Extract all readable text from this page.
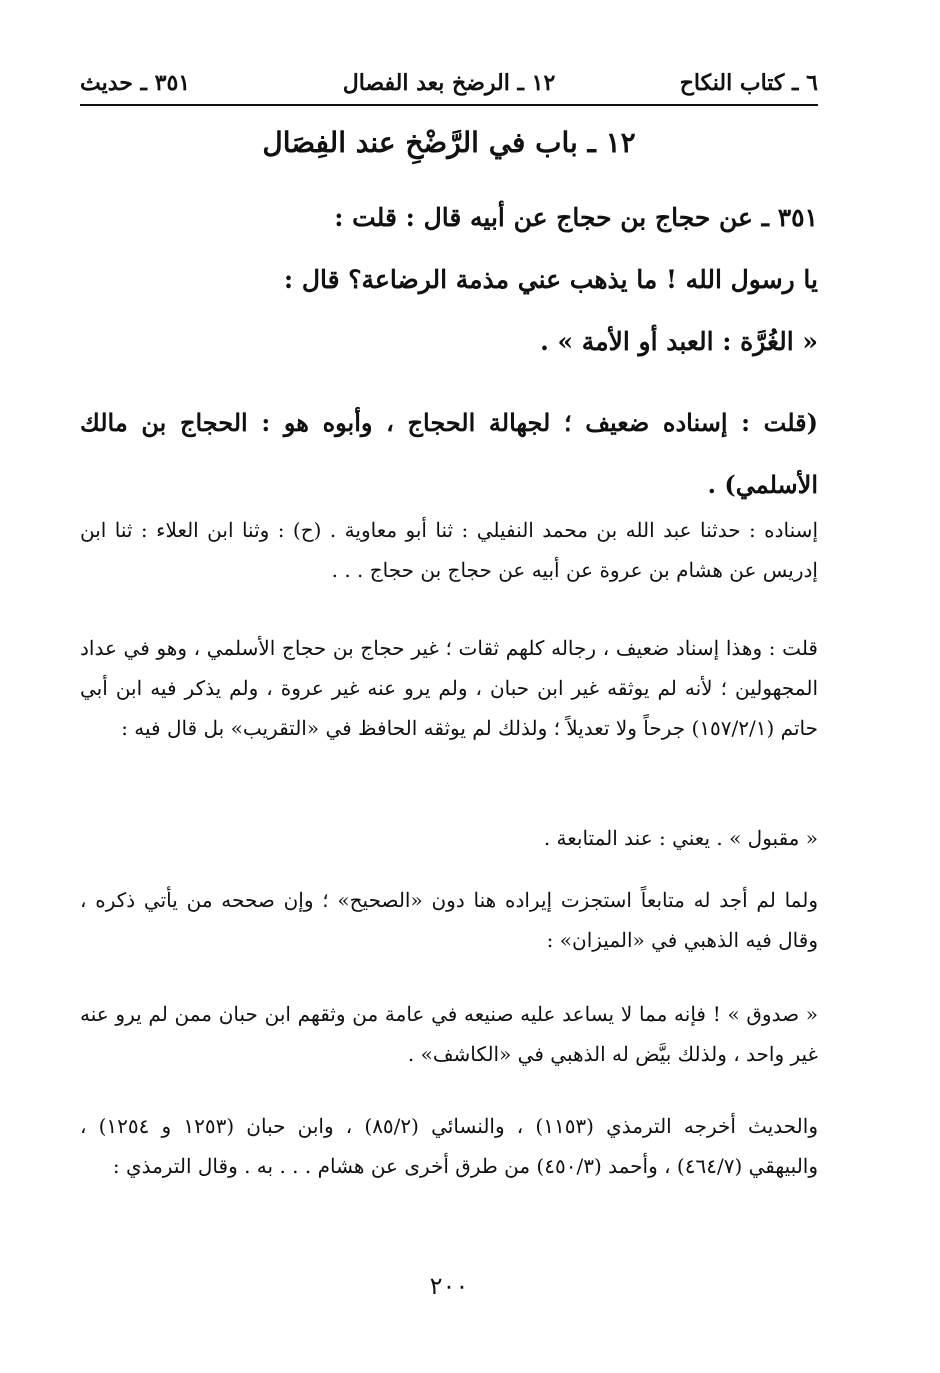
٦ ـ كتاب النكاح
١٢ ـ الرضخ بعد الفصال
٣٥١ ـ حديث
١٢ ـ باب في الرَّضْخِ عند الفِصَال
٣٥١ ـ عن حجاج بن حجاج عن أبيه قال : قلت :
يا رسول الله ! ما يذهب عني مذمة الرضاعة؟ قال :
« الغُرَّة : العبد أو الأمة » .
(قلت : إسناده ضعيف ؛ لجهالة الحجاج ، وأبوه هو : الحجاج بن مالك الأسلمي) .
إسناده : حدثنا عبد الله بن محمد النفيلي : ثنا أبو معاوية . (ح) : وثنا ابن العلاء : ثنا ابن إدريس عن هشام بن عروة عن أبيه عن حجاج بن حجاج . . .
قلت : وهذا إسناد ضعيف ، رجاله كلهم ثقات ؛ غير حجاج بن حجاج الأسلمي ، وهو في عداد المجهولين ؛ لأنه لم يوثقه غير ابن حبان ، ولم يرو عنه غير عروة ، ولم يذكر فيه ابن أبي حاتم (١٥٧/٢/١) جرحاً ولا تعديلاً ؛ ولذلك لم يوثقه الحافظ في «التقريب» بل قال فيه :
« مقبول » . يعني : عند المتابعة .
ولما لم أجد له متابعاً استجزت إيراده هنا دون «الصحيح» ؛ وإن صححه من يأتي ذكره ، وقال فيه الذهبي في «الميزان» :
« صدوق » ! فإنه مما لا يساعد عليه صنيعه في عامة من وثقهم ابن حبان ممن لم يرو عنه غير واحد ، ولذلك بيَّض له الذهبي في «الكاشف» .
والحديث أخرجه الترمذي (١١٥٣) ، والنسائي (٨٥/٢) ، وابن حبان (١٢٥٣ و ١٢٥٤) ، والبيهقي (٤٦٤/٧) ، وأحمد (٤٥٠/٣) من طرق أخرى عن هشام . . . به . وقال الترمذي :
٢٠٠
